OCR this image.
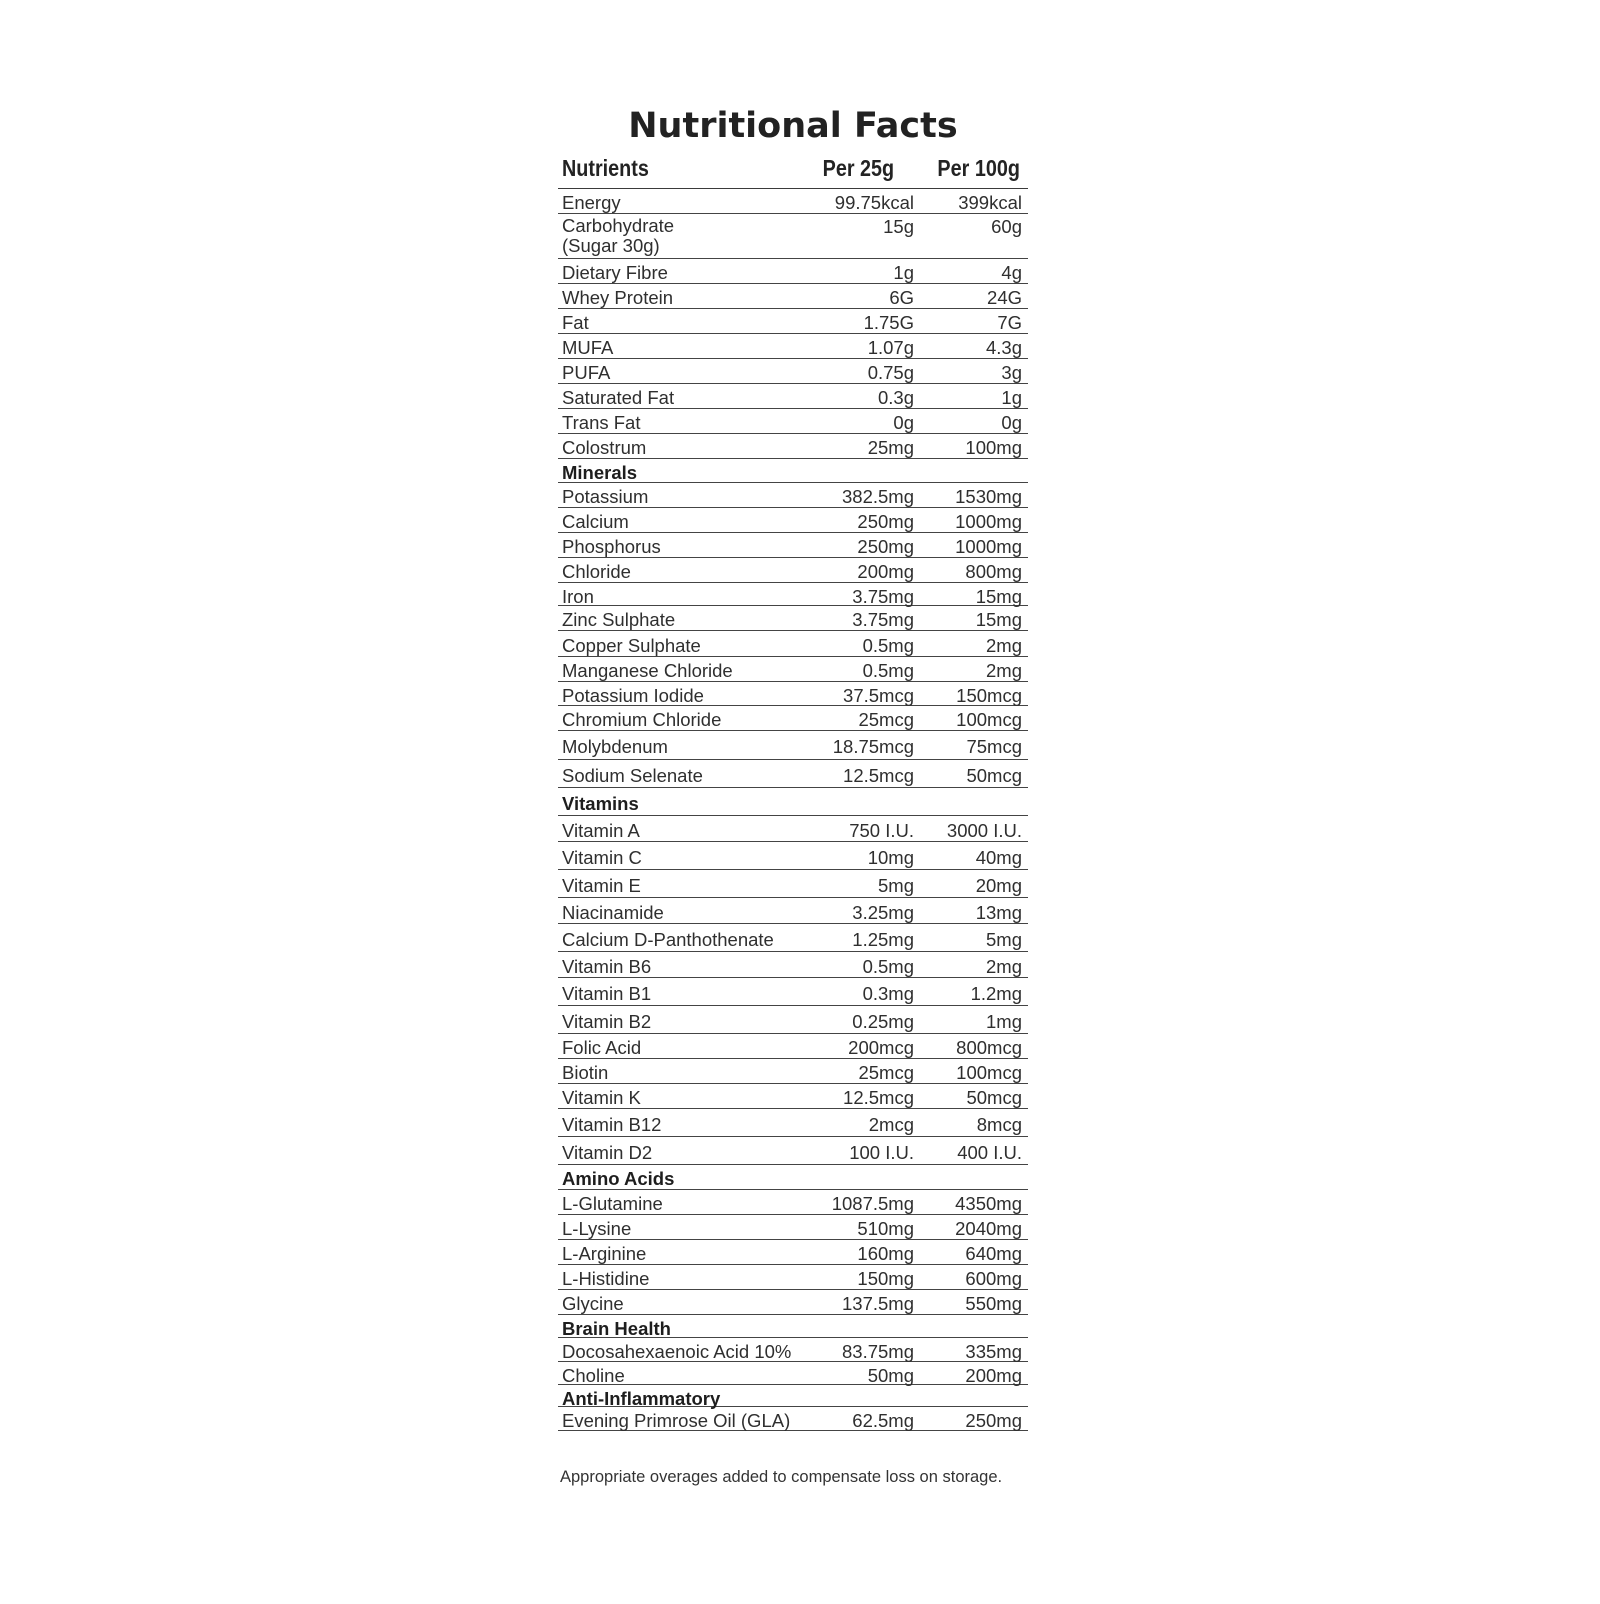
Nutritional Facts
Nutrients	Per 25g Per 100g
Energy	99.75kcal 399kcal
Carbohydrate
(Sugar 30g)
15g	60g
Dietary Fibre	1g	4g
Whey Protein	6G	24G
Fat	1.75G	7G
MUFA	1.07g	4.3g
PUFA	0.75g	3g
Saturated Fat	0.3g	1g
Trans Fat	0g	0g
Colostrum	25mg	100mg
Minerals
Potassium	382.5mg 1530mg
Calcium	250mg 1000mg
Phosphorus	250mg 1000mg
Chloride	200mg	800mg
Iron	3.75mg	15mg
Zinc Sulphate	3.75mg	15mg
Copper Sulphate	0.5mg	2mg
Manganese Chloride	0.5mg	2mg
Potassium Iodide	37.5mcg 150mcg
Chromium Chloride	25mcg 100mcg
Molybdenum	18.75mcg	75mcg
Sodium Selenate	12.5mcg	50mcg
Vitamins
Vitamin A	750 I.U. 3000 I.U.
Vitamin C	10mg	40mg
Vitamin E	5mg	20mg
Niacinamide	3.25mg	13mg
Calcium D-Panthothenate	1.25mg	5mg
Vitamin B6	0.5mg	2mg
Vitamin B1	0.3mg	1.2mg
Vitamin B2	0.25mg	1mg
Folic Acid	200mcg 800mcg
Biotin	25mcg 100mcg
Vitamin K	12.5mcg	50mcg
Vitamin B12	2mcg	8mcg
Vitamin D2	100 I.U. 400 I.U.
Amino Acids
L-Glutamine	1087.5mg 4350mg
L-Lysine	510mg 2040mg
L-Arginine	160mg	640mg
L-Histidine	150mg	600mg
Glycine	137.5mg	550mg
Brain Health
Docosahexaenoic Acid 10%	83.75mg	335mg
Choline	50mg	200mg
Anti-Inflammatory
Evening Primrose Oil (GLA)	62.5mg	250mg
Appropriate overages added to compensate loss on storage.
